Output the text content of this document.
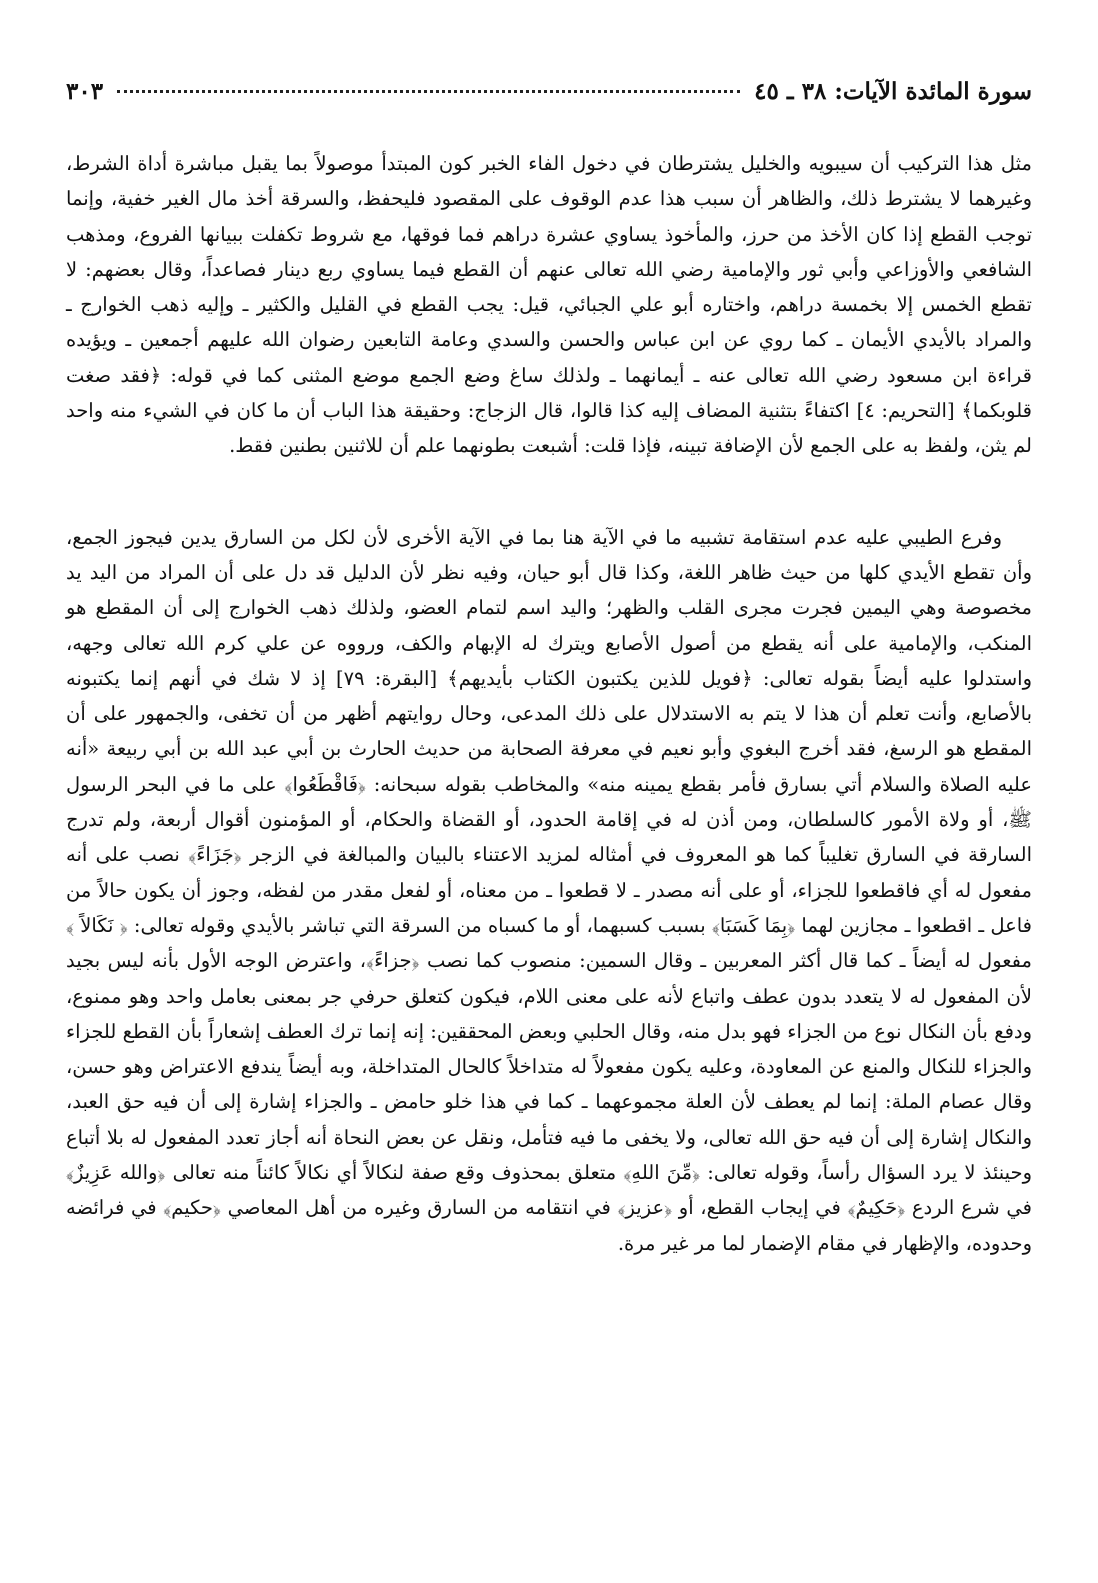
سورة المائدة الآيات: ٣٨ ـ ٤٥
٣٠٣

مثل هذا التركيب أن سيبويه والخليل يشترطان في دخول الفاء الخبر كون المبتدأ موصولاً بما يقبل مباشرة أداة الشرط، وغيرهما لا يشترط ذلك، والظاهر أن سبب هذا عدم الوقوف على المقصود فليحفظ، والسرقة أخذ مال الغير خفية، وإنما توجب القطع إذا كان الأخذ من حرز، والمأخوذ يساوي عشرة دراهم فما فوقها، مع شروط تكفلت ببيانها الفروع، ومذهب الشافعي والأوزاعي وأبي ثور والإمامية رضي الله تعالى عنهم أن القطع فيما يساوي ربع دينار فصاعداً، وقال بعضهم: لا تقطع الخمس إلا بخمسة دراهم، واختاره أبو علي الجبائي، قيل: يجب القطع في القليل والكثير ـ وإليه ذهب الخوارج ـ والمراد بالأيدي الأيمان ـ كما روي عن ابن عباس والحسن والسدي وعامة التابعين رضوان الله عليهم أجمعين ـ ويؤيده قراءة ابن مسعود رضي الله تعالى عنه ـ أيمانهما ـ ولذلك ساغ وضع الجمع موضع المثنى كما في قوله: ﴿فقد صغت قلوبكما﴾ [التحريم: ٤] اكتفاءً بتثنية المضاف إليه كذا قالوا، قال الزجاج: وحقيقة هذا الباب أن ما كان في الشيء منه واحد لم يثن، ولفظ به على الجمع لأن الإضافة تبينه، فإذا قلت: أشبعت بطونهما علم أن للاثنين بطنين فقط.

وفرع الطيبي عليه عدم استقامة تشبيه ما في الآية هنا بما في الآية الأخرى لأن لكل من السارق يدين فيجوز الجمع، وأن تقطع الأيدي كلها من حيث ظاهر اللغة، وكذا قال أبو حيان، وفيه نظر لأن الدليل قد دل على أن المراد من اليد يد مخصوصة وهي اليمين فجرت مجرى القلب والظهر؛ واليد اسم لتمام العضو، ولذلك ذهب الخوارج إلى أن المقطع هو المنكب، والإمامية على أنه يقطع من أصول الأصابع ويترك له الإبهام والكف، ورووه عن علي كرم الله تعالى وجهه، واستدلوا عليه أيضاً بقوله تعالى: ﴿فويل للذين يكتبون الكتاب بأيديهم﴾ [البقرة: ٧٩] إذ لا شك في أنهم إنما يكتبونه بالأصابع، وأنت تعلم أن هذا لا يتم به الاستدلال على ذلك المدعى، وحال روايتهم أظهر من أن تخفى، والجمهور على أن المقطع هو الرسغ، فقد أخرج البغوي وأبو نعيم في معرفة الصحابة من حديث الحارث بن أبي عبد الله بن أبي ربيعة «أنه عليه الصلاة والسلام أتي بسارق فأمر بقطع يمينه منه» والمخاطب بقوله سبحانه: ﴿فَاقْطَعُوا﴾ على ما في البحر الرسول ﷺ، أو ولاة الأمور كالسلطان، ومن أذن له في إقامة الحدود، أو القضاة والحكام، أو المؤمنون أقوال أربعة، ولم تدرج السارقة في السارق تغليباً كما هو المعروف في أمثاله لمزيد الاعتناء بالبيان والمبالغة في الزجر ﴿جَزَاءً﴾ نصب على أنه مفعول له أي فاقطعوا للجزاء، أو على أنه مصدر ـ لا قطعوا ـ من معناه، أو لفعل مقدر من لفظه، وجوز أن يكون حالاً من فاعل ـ اقطعوا ـ مجازين لهما ﴿بِمَا كَسَبَا﴾ بسبب كسبهما، أو ما كسباه من السرقة التي تباشر بالأيدي وقوله تعالى: ﴿ نَكَالاً ﴾ مفعول له أيضاً ـ كما قال أكثر المعربين ـ وقال السمين: منصوب كما نصب ﴿جزاءً﴾، واعترض الوجه الأول بأنه ليس بجيد لأن المفعول له لا يتعدد بدون عطف واتباع لأنه على معنى اللام، فيكون كتعلق حرفي جر بمعنى بعامل واحد وهو ممنوع، ودفع بأن النكال نوع من الجزاء فهو بدل منه، وقال الحلبي وبعض المحققين: إنه إنما ترك العطف إشعاراً بأن القطع للجزاء والجزاء للنكال والمنع عن المعاودة، وعليه يكون مفعولاً له متداخلاً كالحال المتداخلة، وبه أيضاً يندفع الاعتراض وهو حسن، وقال عصام الملة: إنما لم يعطف لأن العلة مجموعهما ـ كما في هذا خلو حامض ـ والجزاء إشارة إلى أن فيه حق العبد، والنكال إشارة إلى أن فيه حق الله تعالى، ولا يخفى ما فيه فتأمل، ونقل عن بعض النحاة أنه أجاز تعدد المفعول له بلا أتباع وحينئذ لا يرد السؤال رأساً، وقوله تعالى: ﴿مِّنَ اللهِ﴾ متعلق بمحذوف وقع صفة لنكالاً أي نكالاً كائناً منه تعالى ﴿والله عَزِيزٌ﴾ في شرع الردع ﴿حَكِيمٌ﴾ في إيجاب القطع، أو ﴿عزيز﴾ في انتقامه من السارق وغيره من أهل المعاصي ﴿حكيم﴾ في فرائضه وحدوده، والإظهار في مقام الإضمار لما مر غير مرة.
